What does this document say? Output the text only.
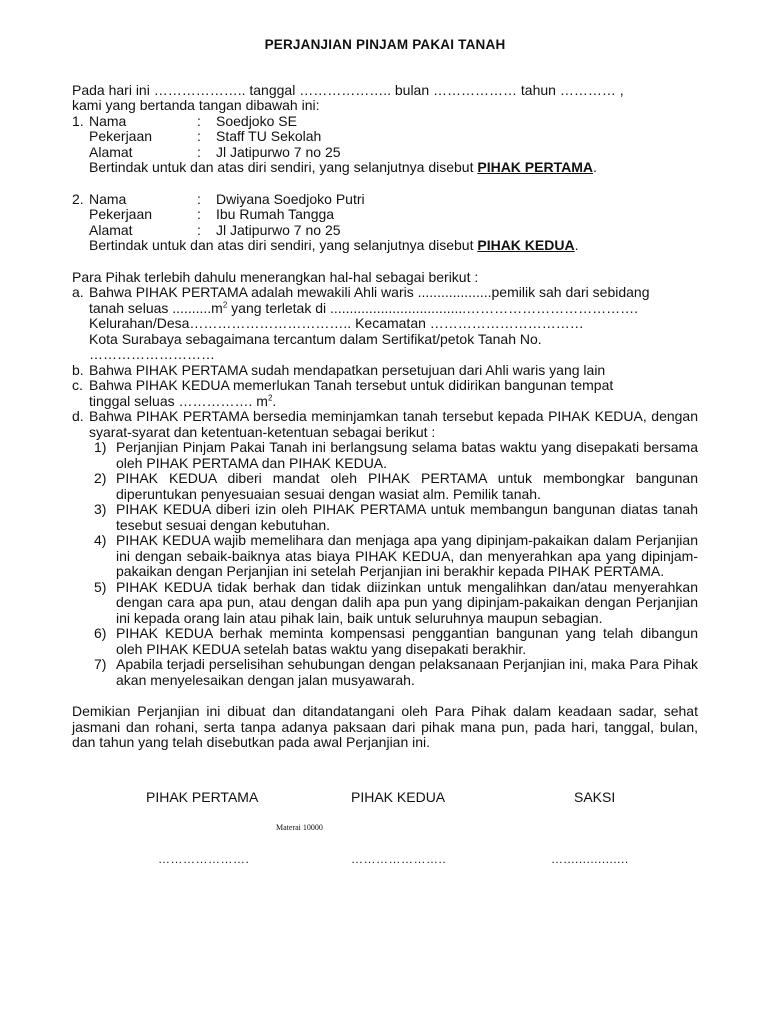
PERJANJIAN PINJAM PAKAI TANAH

Pada hari ini ……………….. tanggal ……………….. bulan ……………… tahun ………… ,
kami yang bertanda tangan dibawah ini:
1. Nama	:	Soedjoko SE
Pekerjaan	:	Staff TU Sekolah
Alamat	:	Jl Jatipurwo 7 no 25
Bertindak untuk dan atas diri sendiri, yang selanjutnya disebut PIHAK PERTAMA.
2. Nama	:	Dwiyana Soedjoko Putri
Pekerjaan	:	Ibu Rumah Tangga
Alamat	:	Jl Jatipurwo 7 no 25
Bertindak untuk dan atas diri sendiri, yang selanjutnya disebut PIHAK KEDUA.
Para Pihak terlebih dahulu menerangkan hal-hal sebagai berikut :
a. Bahwa PIHAK PERTAMA adalah mewakili Ahli waris ...................pemilik sah dari sebidang
tanah seluas $..........m^2$ yang terletak di ...................................……………………………….
Kelurahan/Desa…………………………….. Kecamatan ……………………………
Kota Surabaya sebagaimana tercantum dalam Sertifikat/petok Tanah No.
………………………
b. Bahwa PIHAK PERTAMA sudah mendapatkan persetujuan dari Ahli waris yang lain
c. Bahwa PIHAK KEDUA memerlukan Tanah tersebut untuk didirikan bangunan tempat
tinggal seluas ……………. $m^2$.
d. Bahwa PIHAK PERTAMA bersedia meminjamkan tanah tersebut kepada PIHAK KEDUA, dengan syarat-syarat dan ketentuan-ketentuan sebagai berikut :
1) Perjanjian Pinjam Pakai Tanah ini berlangsung selama batas waktu yang disepakati bersama oleh PIHAK PERTAMA dan PIHAK KEDUA.
2) PIHAK KEDUA diberi mandat oleh PIHAK PERTAMA untuk membongkar bangunan diperuntukan penyesuaian sesuai dengan wasiat alm. Pemilik tanah.
3) PIHAK KEDUA diberi izin oleh PIHAK PERTAMA untuk membangun bangunan diatas tanah tesebut sesuai dengan kebutuhan.
4) PIHAK KEDUA wajib memelihara dan menjaga apa yang dipinjam-pakaikan dalam Perjanjian ini dengan sebaik-baiknya atas biaya PIHAK KEDUA, dan menyerahkan apa yang dipinjam- pakaikan dengan Perjanjian ini setelah Perjanjian ini berakhir kepada PIHAK PERTAMA.
5) PIHAK KEDUA tidak berhak dan tidak diizinkan untuk mengalihkan dan/atau menyerahkan dengan cara apa pun, atau dengan dalih apa pun yang dipinjam-pakaikan dengan Perjanjian ini kepada orang lain atau pihak lain, baik untuk seluruhnya maupun sebagian.
6) PIHAK KEDUA berhak meminta kompensasi penggantian bangunan yang telah dibangun oleh PIHAK KEDUA setelah batas waktu yang disepakati berakhir.
7) Apabila terjadi perselisihan sehubungan dengan pelaksanaan Perjanjian ini, maka Para Pihak akan menyelesaikan dengan jalan musyawarah.
Demikian Perjanjian ini dibuat dan ditandatangani oleh Para Pihak dalam keadaan sadar, sehat jasmani dan rohani, serta tanpa adanya paksaan dari pihak mana pun, pada hari, tanggal, bulan, dan tahun yang telah disebutkan pada awal Perjanjian ini.
PIHAK PERTAMA	PIHAK KEDUA	SAKSI
Materai 10000
………………….	…………………..	….................
